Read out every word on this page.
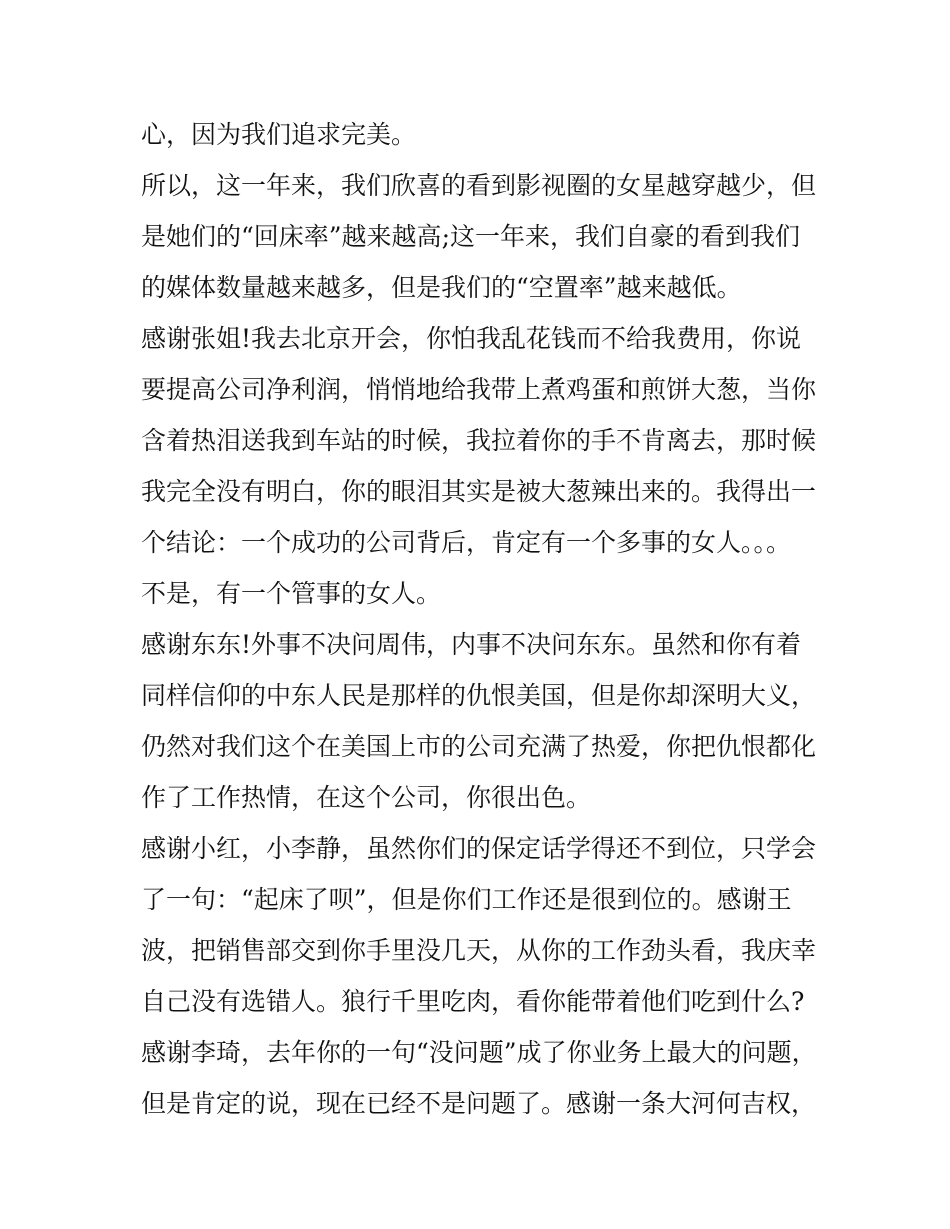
心，因为我们追求完美。
所以，这一年来，我们欣喜的看到影视圈的女星越穿越少，但
是她们的“回床率”越来越高;这一年来，我们自豪的看到我们
的媒体数量越来越多，但是我们的“空置率”越来越低。
感谢张姐!我去北京开会，你怕我乱花钱而不给我费用，你说
要提高公司净利润，悄悄地给我带上煮鸡蛋和煎饼大葱，当你
含着热泪送我到车站的时候，我拉着你的手不肯离去，那时候
我完全没有明白，你的眼泪其实是被大葱辣出来的。我得出一
个结论：一个成功的公司背后，肯定有一个多事的女人。。。
不是，有一个管事的女人。
感谢东东!外事不决问周伟，内事不决问东东。虽然和你有着
同样信仰的中东人民是那样的仇恨美国，但是你却深明大义，
仍然对我们这个在美国上市的公司充满了热爱，你把仇恨都化
作了工作热情，在这个公司，你很出色。
感谢小红，小李静，虽然你们的保定话学得还不到位，只学会
了一句：“起床了呗”，但是你们工作还是很到位的。感谢王
波，把销售部交到你手里没几天，从你的工作劲头看，我庆幸
自己没有选错人。狼行千里吃肉，看你能带着他们吃到什么?
感谢李琦，去年你的一句“没问题”成了你业务上最大的问题，
但是肯定的说，现在已经不是问题了。感谢一条大河何吉权，
